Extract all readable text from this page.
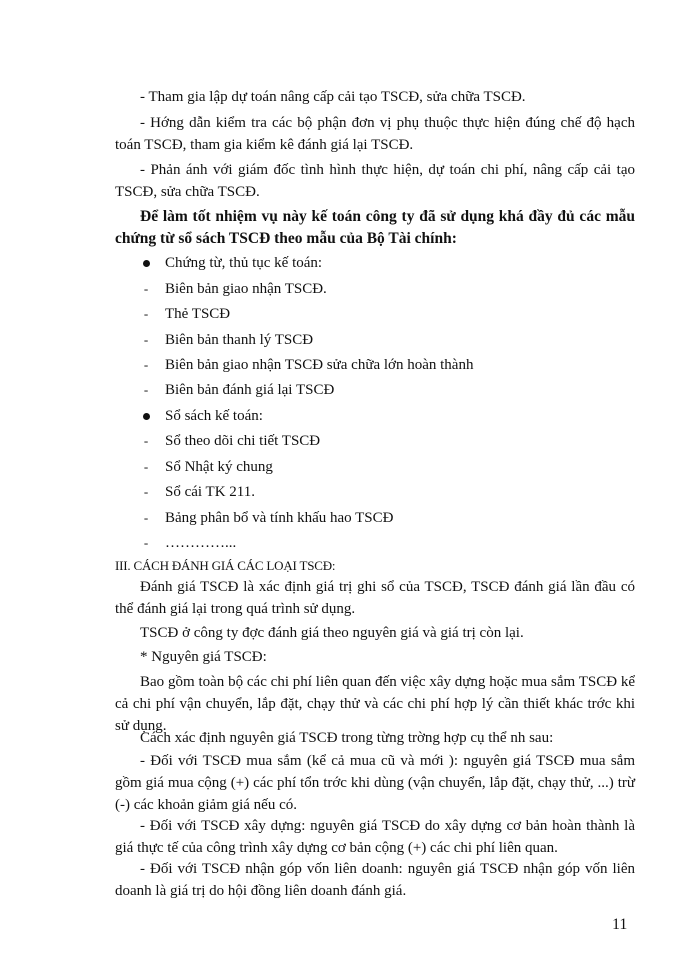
- Tham gia lập dự toán nâng cấp cải tạo TSCĐ, sửa chữa TSCĐ.

- Hớng dẫn kiểm tra các bộ phận đơn vị phụ thuộc thực hiện đúng chế độ hạch toán TSCĐ, tham gia kiểm kê đánh giá lại TSCĐ.

- Phản ánh với giám đốc tình hình thực hiện, dự toán chi phí, nâng cấp cải tạo TSCĐ, sửa chữa TSCĐ.

Để làm tốt nhiệm vụ này kế toán công ty đã sử dụng khá đầy đủ các mẫu chứng từ sổ sách TSCĐ theo mẫu của Bộ Tài chính:

Chứng từ, thủ tục kế toán:

- Biên bản giao nhận TSCĐ.

- Thẻ TSCĐ

- Biên bản thanh lý TSCĐ

- Biên bản giao nhận TSCĐ sửa chữa lớn hoàn thành

- Biên bản đánh giá lại TSCĐ

Sổ sách kế toán:

- Sổ theo dõi chi tiết TSCĐ

- Sổ Nhật ký chung

- Sổ cái TK 211.

- Bảng phân bổ và tính khấu hao TSCĐ

- …………...

III. CÁCH ĐÁNH GIÁ CÁC LOẠI TSCĐ:

Đánh giá TSCĐ là xác định giá trị ghi sổ của TSCĐ, TSCĐ đánh giá lần đầu có thể đánh giá lại trong quá trình sử dụng.

TSCĐ ở công ty đợc đánh giá theo nguyên giá và giá trị còn lại.

* Nguyên giá TSCĐ:

Bao gồm toàn bộ các chi phí liên quan đến việc xây dựng hoặc mua sắm TSCĐ kể cả chi phí vận chuyển, lắp đặt, chạy thử và các chi phí hợp lý cần thiết khác trớc khi sử dụng.

Cách xác định nguyên giá TSCĐ trong từng trờng hợp cụ thể nh sau:

- Đối với TSCĐ mua sắm (kể cả mua cũ và mới ): nguyên giá TSCĐ mua sắm gồm giá mua cộng (+) các phí tổn trớc khi dùng (vận chuyển, lắp đặt, chạy thử, ...) trừ (-) các khoản giảm giá nếu có.

- Đối với TSCĐ xây dựng: nguyên giá TSCĐ do xây dựng cơ bản hoàn thành là giá thực tế của công trình xây dựng cơ bản cộng (+) các chi phí liên quan.

- Đối với TSCĐ nhận góp vốn liên doanh: nguyên giá TSCĐ nhận góp vốn liên doanh là giá trị do hội đồng liên doanh đánh giá.

11
